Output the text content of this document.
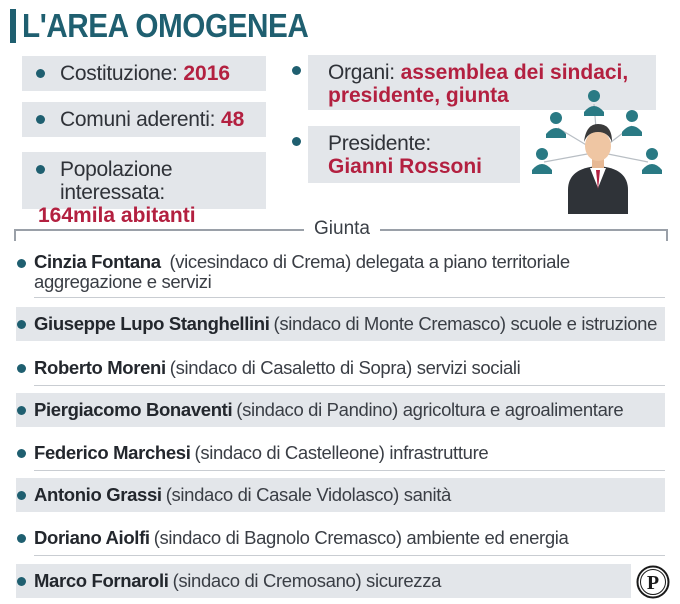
L'AREA OMOGENEA
Costituzione: 2016
Comuni aderenti: 48
Popolazione interessata:
164mila abitanti
Organi: assemblea dei sindaci,
presidente, giunta
Presidente:
Gianni Rossoni
Giunta
Cinzia Fontana (vicesindaco di Crema) delegata a piano territoriale
aggregazione e servizi
Giuseppe Lupo Stanghellini (sindaco di Monte Cremasco) scuole e istruzione
Roberto Moreni (sindaco di Casaletto di Sopra) servizi sociali
Piergiacomo Bonaventi (sindaco di Pandino) agricoltura e agroalimentare
Federico Marchesi (sindaco di Castelleone) infrastrutture
Antonio Grassi (sindaco di Casale Vidolasco) sanità
Doriano Aiolfi (sindaco di Bagnolo Cremasco) ambiente ed energia
Marco Fornaroli (sindaco di Cremosano) sicurezza	P
